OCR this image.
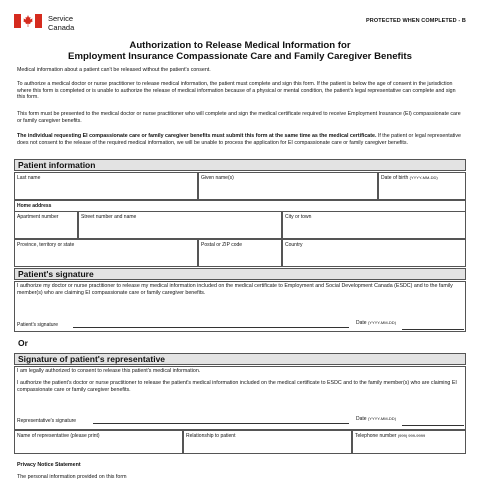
Service
Canada
PROTECTED WHEN COMPLETED - B
Authorization to Release Medical Information for
Employment Insurance Compassionate Care and Family Caregiver Benefits
Medical information about a patient can't be released without the patient's consent.
To authorize a medical doctor or nurse practitioner to release medical information, the patient must complete and sign this form. If the patient is below the age of consent in the jurisdiction where this form is completed or is unable to authorize the release of medical information because of a physical or mental condition, the patient's legal representative can complete and sign this form.
This form must be presented to the medical doctor or nurse practitioner who will complete and sign the medical certificate required to receive Employment Insurance (EI) compassionate care or family caregiver benefits.
The individual requesting EI compassionate care or family caregiver benefits must submit this form at the same time as the medical certificate. If the patient or legal representative does not consent to the release of the required medical information, we will be unable to process the application for EI compassionate care or family caregiver benefits.
Patient information
Last name	Given name(s)	Date of birth (YYYY-MM-DD)
Home address
Apartment number	Street number and name	City or town
Province, territory or state	Postal or ZIP code	Country
Patient's signature
I authorize my doctor or nurse practitioner to release my medical information included on the medical certificate to Employment and Social Development Canada (ESDC) and to the family member(s) who are claiming EI compassionate care or family caregiver benefits.
Patient's signature	Date (YYYY-MM-DD)
Or
Signature of patient's representative
I am legally authorized to consent to release this patient's medical information.
I authorize the patient's doctor or nurse practitioner to release the patient's medical information included on the medical certificate to ESDC and to the family member(s) who are claiming EI compassionate care or family caregiver benefits.
Representative's signature	Date (YYYY-MM-DD)
Name of representative (please print)	Relationship to patient	Telephone number (999) 999-9999
Privacy Notice Statement
The personal information provided on this form
